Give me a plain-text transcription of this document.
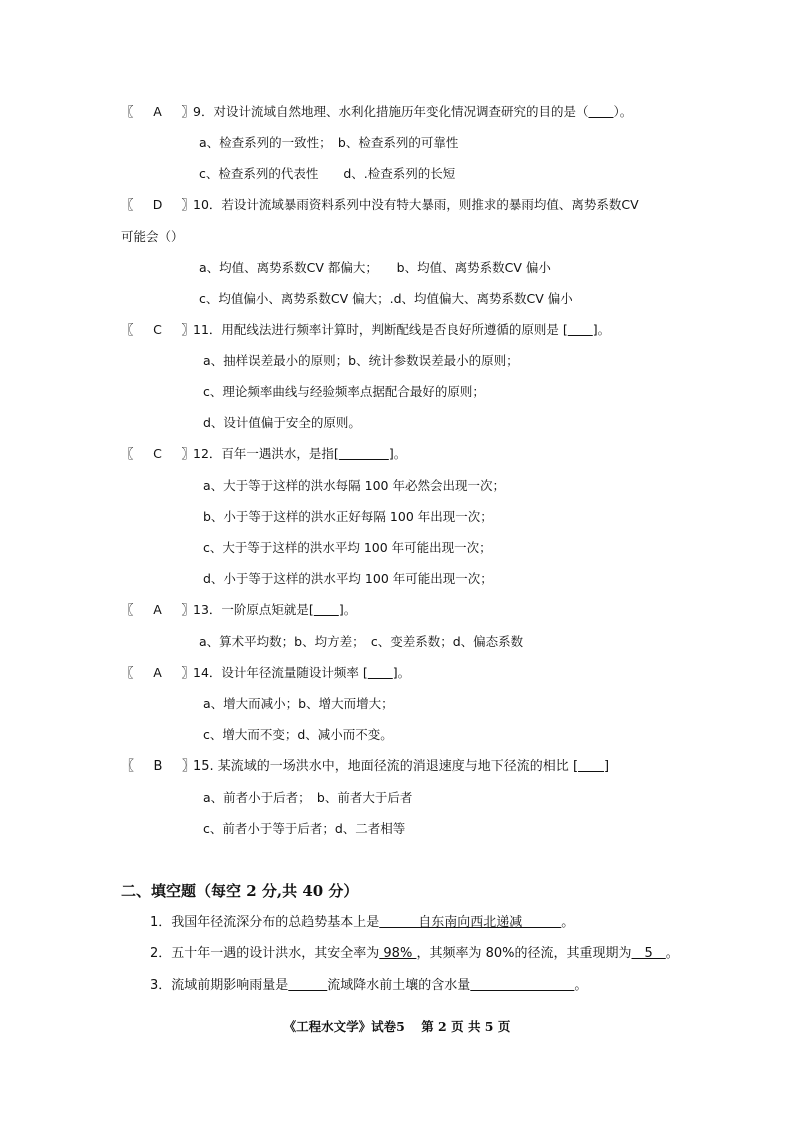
〖 A 〗9．对设计流域自然地理、水利化措施历年变化情况调查研究的目的是（　　 ）。
a、检查系列的一致性；　b、检查系列的可靠性
c、检查系列的代表性　　d、.检查系列的长短
〖 D 〗10．若设计流域暴雨资料系列中没有特大暴雨，则推求的暴雨均值、离势系数CV
可能会（）
a、均值、离势系数CV 都偏大；　　b、均值、离势系数CV 偏小
c、均值偏小、离势系数CV 偏大；.d、均值偏大、离势系数CV 偏小
〖 C 〗11．用配线法进行频率计算时，判断配线是否良好所遵循的原则是 [　　 ]。
a、抽样误差最小的原则；b、统计参数误差最小的原则；
c、理论频率曲线与经验频率点据配合最好的原则；
d、设计值偏于安全的原则。
〖 C 〗12．百年一遇洪水，是指[　　　　	]。
a、大于等于这样的洪水每隔 100 年必然会出现一次；
b、小于等于这样的洪水正好每隔 100 年出现一次；
c、大于等于这样的洪水平均 100 年可能出现一次；
d、小于等于这样的洪水平均 100 年可能出现一次；
〖 A 〗13．一阶原点矩就是[　　 ]。
a、算术平均数；b、均方差；　c、变差系数；d、偏态系数
〖 A 〗14．设计年径流量随设计频率 [　　 ]。
a、增大而减小；b、增大而增大；
c、增大而不变；d、减小而不变。
〖 B 〗15. 某流域的一场洪水中，地面径流的消退速度与地下径流的相比 [　　 ]
a、前者小于后者；　b、前者大于后者
c、前者小于等于后者；d、二者相等
二、填空题（每空 2 分,共 40 分）
1．我国年径流深分布的总趋势基本上是　　　自东南向西北递减　　　。
2．五十年一遇的设计洪水，其安全率为 98% ，其频率为 80%的径流，其重现期为　5　。
3．流域前期影响雨量是　　　	流域降水前土壤的含水量　　　　　　　　	。
《工程水文学》试卷5 第 2 页 共 5 页
